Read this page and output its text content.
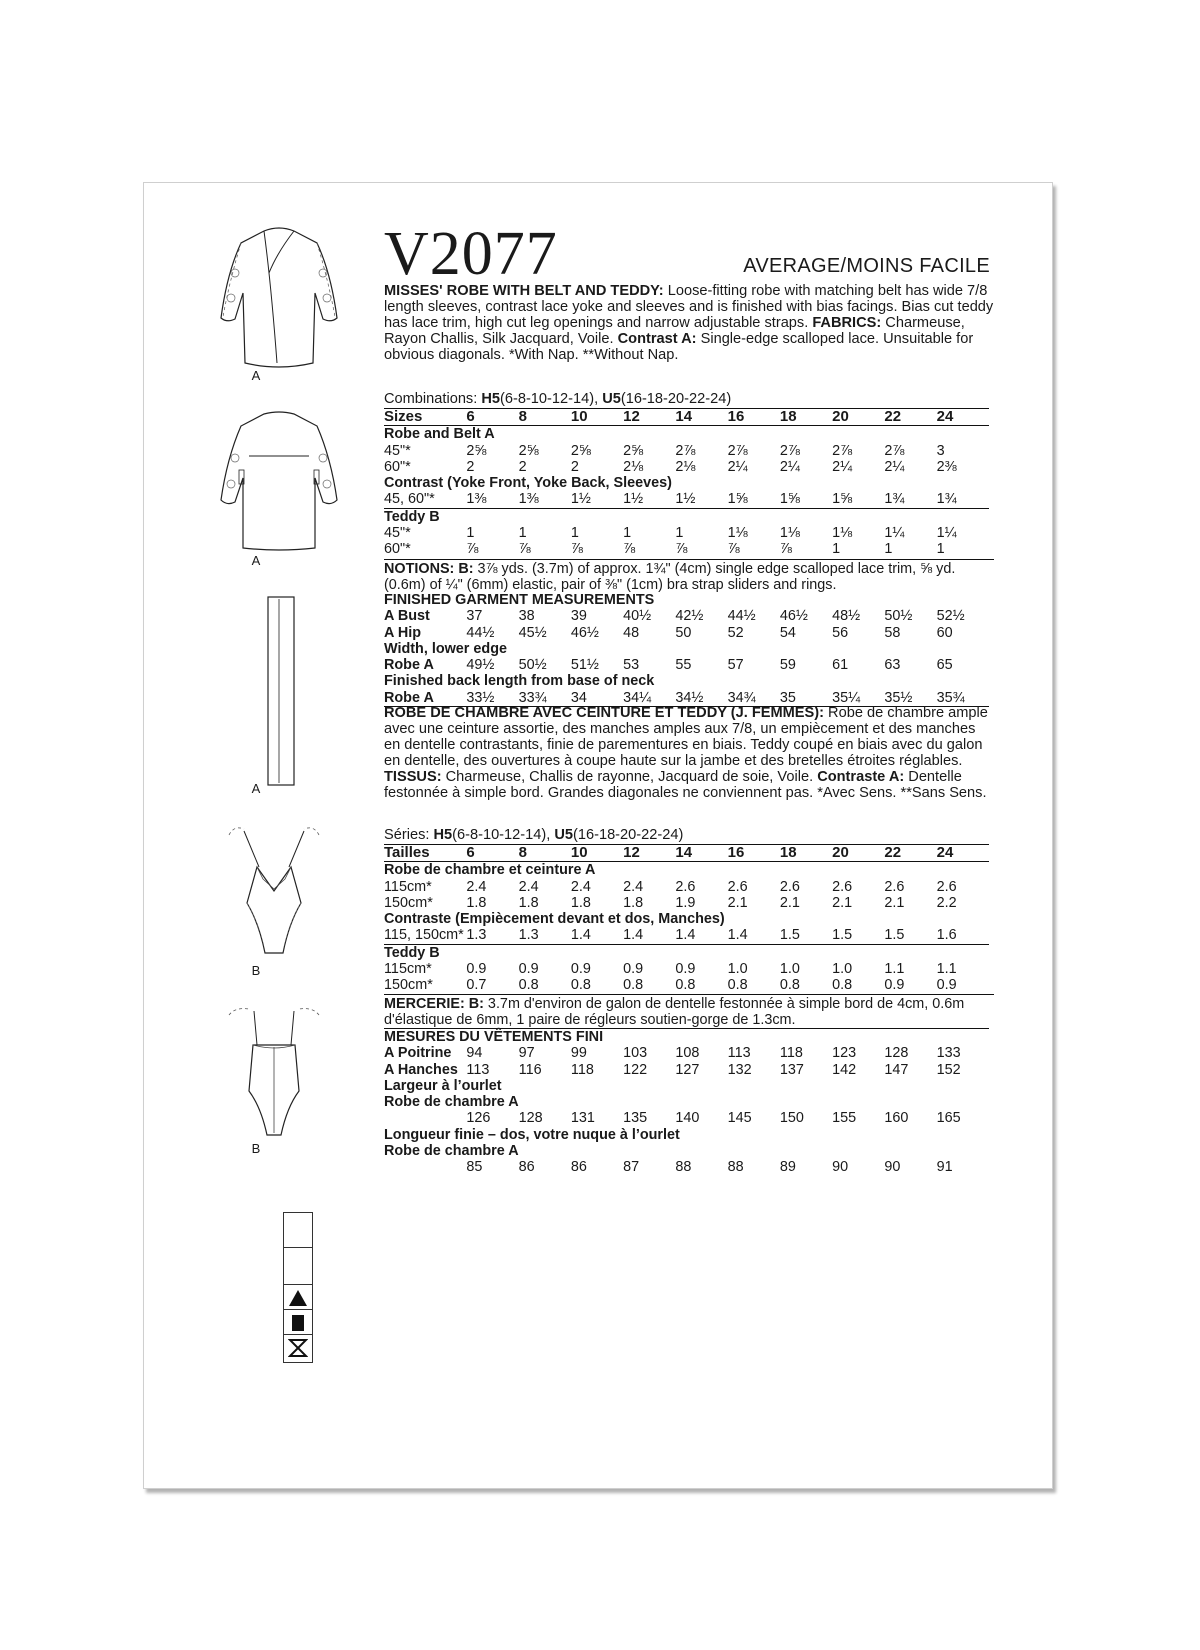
V2077	AVERAGE/MOINS FACILE
A
A
A
B
B
MISSES' ROBE WITH BELT AND TEDDY: Loose-fitting robe with matching belt has wide 7/8 length sleeves, contrast lace yoke and sleeves and is finished with bias facings. Bias cut teddy has lace trim, high cut leg openings and narrow adjustable straps. FABRICS: Charmeuse, Rayon Challis, Silk Jacquard, Voile. Contrast A: Single-edge scalloped lace. Unsuitable for obvious diagonals. *With Nap. **Without Nap.
Combinations: H5(6-8-10-12-14), U5(16-18-20-22-24)
Sizes	6	8	10	12	14	16	18	20	22	24
Robe and Belt A										
45"*	2⅝	2⅝	2⅝	2⅝	2⅞	2⅞	2⅞	2⅞	2⅞	3
60"*	2	2	2	2⅛	2⅛	2¼	2¼	2¼	2¼	2⅜
Contrast (Yoke Front, Yoke Back, Sleeves)										
45, 60"*	1⅜	1⅜	1½	1½	1½	1⅝	1⅝	1⅝	1¾	1¾
Teddy B										
45"*	1	1	1	1	1	1⅛	1⅛	1⅛	1¼	1¼
60"*	⅞	⅞	⅞	⅞	⅞	⅞	⅞	1	1	1
NOTIONS: B: 3⅞ yds. (3.7m) of approx. 1¾" (4cm) single edge scalloped lace trim, ⅝ yd. (0.6m) of ¼" (6mm) elastic, pair of ⅜" (1cm) bra strap sliders and rings.
FINISHED GARMENT MEASUREMENTS										
A Bust	37	38	39	40½	42½	44½	46½	48½	50½	52½
A Hip	44½	45½	46½	48	50	52	54	56	58	60
Width, lower edge										
Robe A	49½	50½	51½	53	55	57	59	61	63	65
Finished back length from base of neck										
Robe A	33½	33¾	34	34¼	34½	34¾	35	35¼	35½	35¾

ROBE DE CHAMBRE AVEC CEINTURE ET TEDDY (J. FEMMES): Robe de chambre ample avec une ceinture assortie, des manches amples aux 7/8, un empiècement et des manches en dentelle contrastants, finie de parementures en biais. Teddy coupé en biais avec du galon en dentelle, des ouvertures à coupe haute sur la jambe et des bretelles étroites réglables. TISSUS: Charmeuse, Challis de rayonne, Jacquard de soie, Voile. Contraste A: Dentelle festonnée à simple bord. Grandes diagonales ne conviennent pas. *Avec Sens. **Sans Sens.
Séries: H5(6-8-10-12-14), U5(16-18-20-22-24)
Tailles	6	8	10	12	14	16	18	20	22	24
Robe de chambre et ceinture A										
115cm*	2.4	2.4	2.4	2.4	2.6	2.6	2.6	2.6	2.6	2.6
150cm*	1.8	1.8	1.8	1.8	1.9	2.1	2.1	2.1	2.1	2.2
Contraste (Empiècement devant et dos, Manches)										
115, 150cm*	1.3	1.3	1.4	1.4	1.4	1.4	1.5	1.5	1.5	1.6
Teddy B										
115cm*	0.9	0.9	0.9	0.9	0.9	1.0	1.0	1.0	1.1	1.1
150cm*	0.7	0.8	0.8	0.8	0.8	0.8	0.8	0.8	0.9	0.9
MERCERIE: B: 3.7m d'environ de galon de dentelle festonnée à simple bord de 4cm, 0.6m d'élastique de 6mm, 1 paire de régleurs soutien-gorge de 1.3cm.
MESURES DU VÊTEMENTS FINI										
A Poitrine	94	97	99	103	108	113	118	123	128	133
A Hanches	113	116	118	122	127	132	137	142	147	152
Largeur à l’ourlet										
Robe de chambre A										
	126	128	131	135	140	145	150	155	160	165
Longueur finie – dos, votre nuque à l’ourlet										
Robe de chambre A										
	85	86	86	87	88	88	89	90	90	91
